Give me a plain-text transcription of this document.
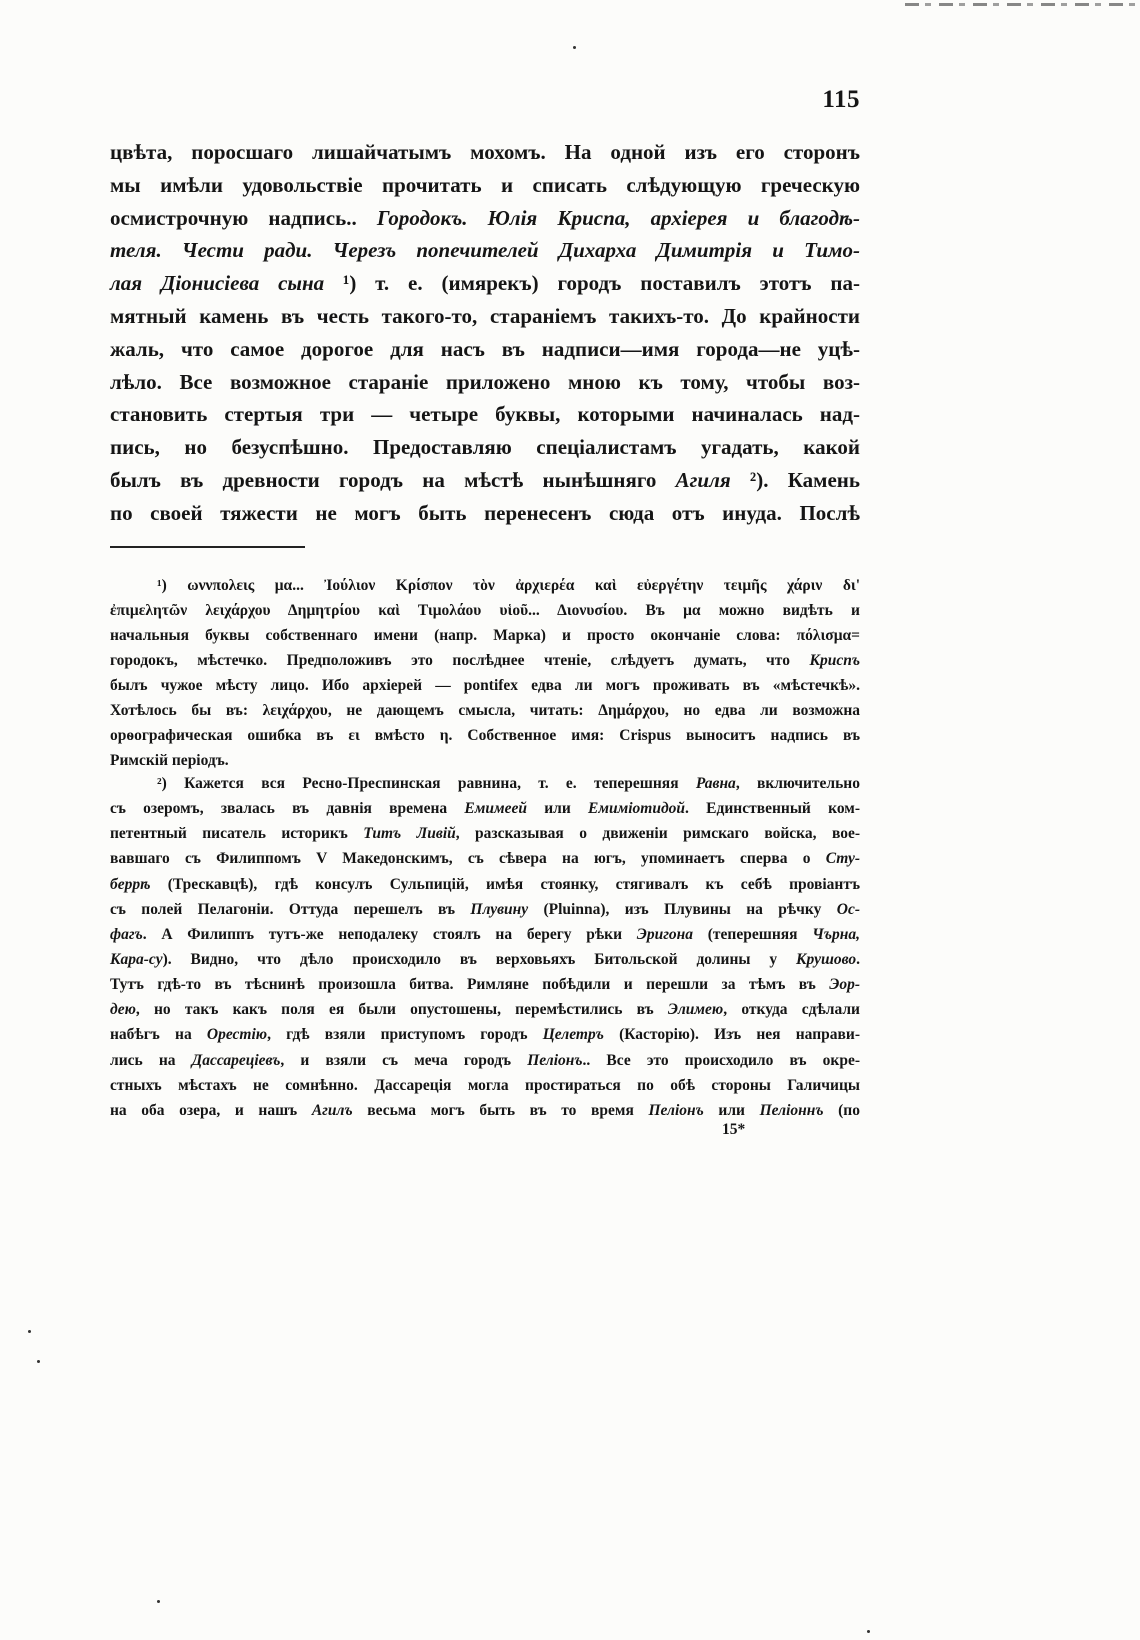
115
цвѣта, поросшаго лишайчатымъ мохомъ. На одной изъ его сторонъ
мы имѣли удовольствіе прочитать и списать слѣдующую греческую
осмистрочную надпись.. Городокъ. Юлія Криспа, архіерея и благодѣ-
теля. Чести ради. Черезъ попечителей Дихарха Димитрія и Тимо-
лая Діонисіева сына ¹) т. е. (имярекъ) городъ поставилъ этотъ па-
мятный камень въ честь такого-то, стараніемъ такихъ-то. До крайности
жаль, что самое дорогое для насъ въ надписи—имя города—не уцѣ-
лѣло. Все возможное стараніе приложено мною къ тому, чтобы воз-
становить стертыя три — четыре буквы, которыми начиналась над-
пись, но безуспѣшно. Предоставляю спеціалистамъ угадать, какой
былъ въ древности городъ на мѣстѣ нынѣшняго Агиля ²). Камень
по своей тяжести не могъ быть перенесенъ сюда отъ инуда. Послѣ
¹) ωννπολεις μα... Ἰούλιον Κρίσπον τὸν ἀρχιερέα καὶ εὐεργέτην τειμῆς χάριν δι'
ἐπιμελητῶν λειχάρχου Δημητρίου καὶ Τιμολάου υἱοῦ... Διονυσίου. Въ μα можно видѣть и
начальныя буквы собственнаго имени (напр. Марка) и просто окончаніе слова: πόλισμα=
городокъ, мѣстечко. Предположивъ это послѣднее чтеніе, слѣдуетъ думать, что Криспъ
былъ чужое мѣсту лицо. Ибо архіерей — pontifex едва ли могъ проживать въ «мѣстечкѣ».
Хотѣлось бы въ: λειχάρχου, не дающемъ смысла, читать: Δημάρχου, но едва ли возможна
орѳографическая ошибка въ ει вмѣсто η. Собственное имя: Crispus выноситъ надпись въ
Римскій періодъ.
²) Кажется вся Ресно-Преспинская равнина, т. е. теперешняя Равна, включительно
съ озеромъ, звалась въ давнія времена Емимеей или Емиміотидой. Единственный ком-
петентный писатель историкъ Титъ Ливій, разсказывая о движеніи римскаго войска, вое-
вавшаго съ Филиппомъ V Македонскимъ, съ сѣвера на югъ, упоминаетъ сперва о Сту-
беррѣ (Трескавцѣ), гдѣ консулъ Сульпицій, имѣя стоянку, стягивалъ къ себѣ провіантъ
съ полей Пелагоніи. Оттуда перешелъ въ Плувину (Pluinna), изъ Плувины на рѣчку Ос-
фагъ. А Филиппъ тутъ-же неподалеку стоялъ на берегу рѣки Эригона (теперешняя Чърна,
Кара-су). Видно, что дѣло происходило въ верховьяхъ Битольской долины у Крушово.
Тутъ гдѣ-то въ тѣснинѣ произошла битва. Римляне побѣдили и перешли за тѣмъ въ Эор-
дею, но такъ какъ поля ея были опустошены, перемѣстились въ Элимею, откуда сдѣлали
набѣгъ на Орестію, гдѣ взяли приступомъ городъ Целетръ (Касторію). Изъ нея направи-
лись на Дассареціевъ, и взяли съ меча городъ Пеліонъ.. Все это происходило въ окре-
стныхъ мѣстахъ не сомнѣнно. Дассареція могла простираться по обѣ стороны Галичицы
на оба озера, и нашъ Агилъ весьма могъ быть въ то время Пеліонъ или Пеліоннъ (по
15*
